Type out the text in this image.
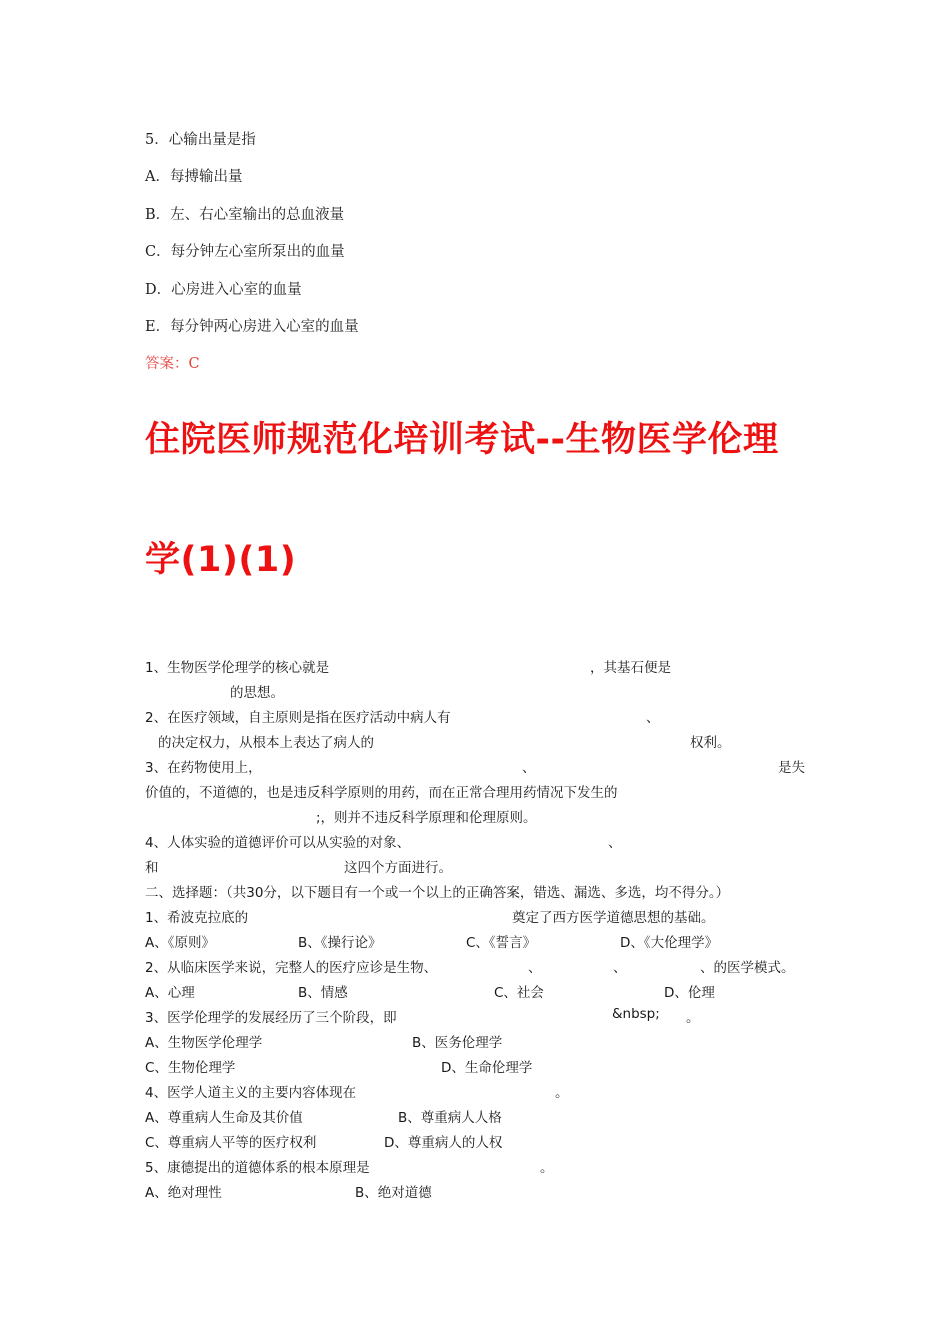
5．心输出量是指
A．每搏输出量
B．左、右心室输出的总血液量
C．每分钟左心室所泵出的血量
D．心房进入心室的血量
E．每分钟两心房进入心室的血量
答案：C
住院医师规范化培训考试--生物医学伦理
学(1)(1)
1、生物医学伦理学的核心就是	，其基石便是
的思想。
2、在医疗领域，自主原则是指在医疗活动中病人有	、
的决定权力，从根本上表达了病人的	权利。
3、在药物使用上，	、	是失
价值的，不道德的，也是违反科学原则的用药，而在正常合理用药情况下发生的
;，则并不违反科学原理和伦理原则。
4、人体实验的道德评价可以从实验的对象、	、
和	这四个方面进行。
二、选择题：（共30分，以下题目有一个或一个以上的正确答案，错选、漏选、多选，均不得分。）
1、希波克拉底的	奠定了西方医学道德思想的基础。
A、《原则》	B、《操行论》	C、《誓言》	D、《大伦理学》
2、从临床医学来说，完整人的医疗应诊是生物、	、	、	、的医学模式。
A、心理	B、情感	C、社会	D、伦理
3、医学伦理学的发展经历了三个阶段，即	&nbsp; 。
A、生物医学伦理学	B、医务伦理学
C、生物伦理学	D、生命伦理学
4、医学人道主义的主要内容体现在	。
A、尊重病人生命及其价值	B、尊重病人人格
C、尊重病人平等的医疗权利	D、尊重病人的人权
5、康德提出的道德体系的根本原理是	。
A、绝对理性	B、绝对道德
